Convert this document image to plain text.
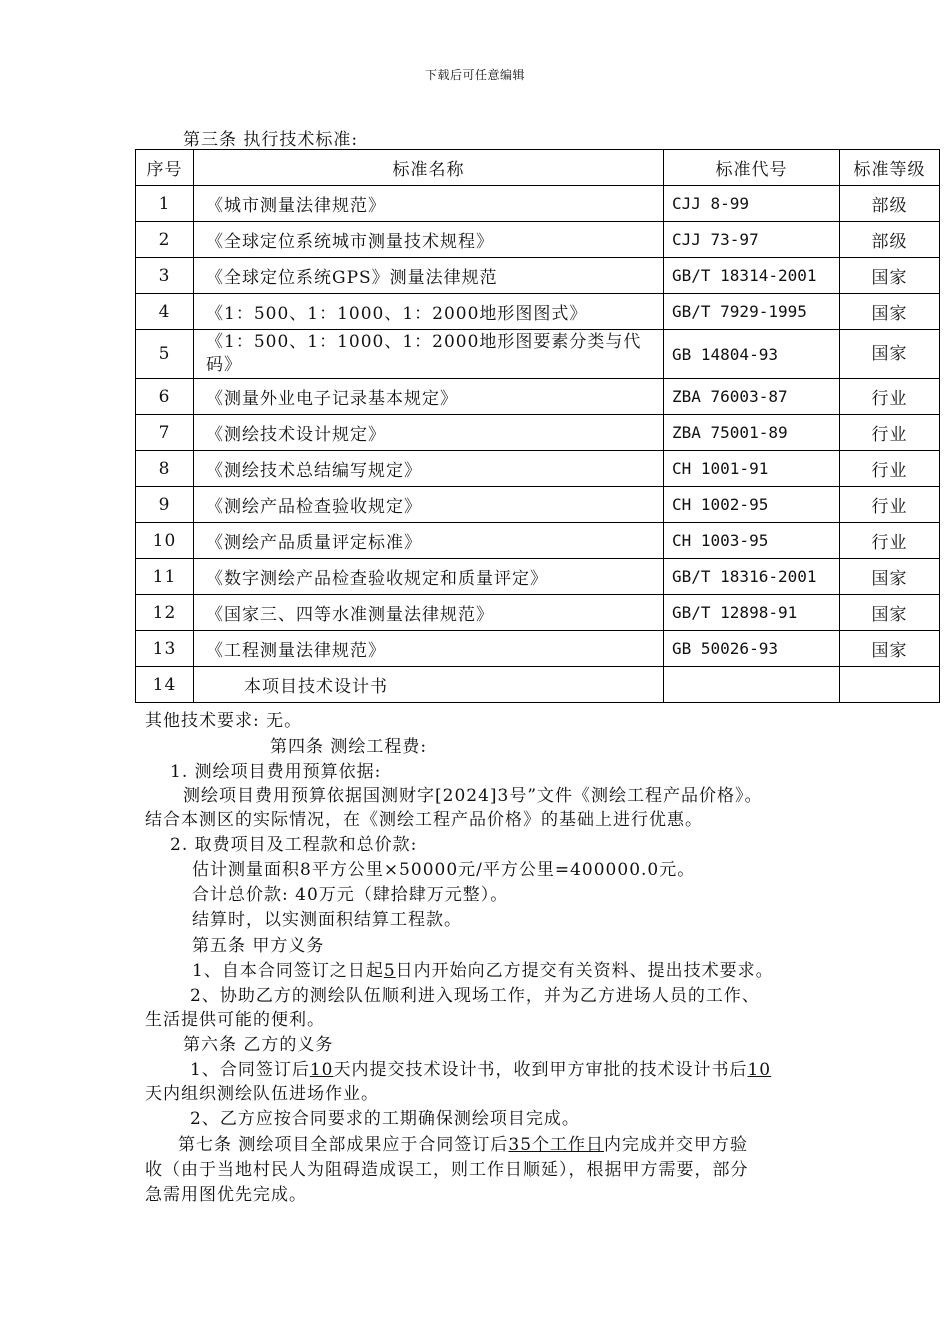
下载后可任意编辑
第三条 执行技术标准:
序号	标准名称	标准代号	标准等级
1	《城市测量法律规范》	CJJ 8-99	部级
2	《全球定位系统城市测量技术规程》	CJJ 73-97	部级
3	《全球定位系统GPS》测量法律规范	GB/T 18314-2001	国家
4	《1：500、1：1000、1：2000地形图图式》	GB/T 7929-1995	国家
5	《1：500、1：1000、1：2000地形图要素分类与代码》	GB 14804-93	国家
6	《测量外业电子记录基本规定》	ZBA 76003-87	行业
7	《测绘技术设计规定》	ZBA 75001-89	行业
8	《测绘技术总结编写规定》	CH 1001-91	行业
9	《测绘产品检查验收规定》	CH 1002-95	行业
10	《测绘产品质量评定标准》	CH 1003-95	行业
11	《数字测绘产品检查验收规定和质量评定》	GB/T 18316-2001	国家
12	《国家三、四等水准测量法律规范》	GB/T 12898-91	国家
13	《工程测量法律规范》	GB 50026-93	国家
14	本项目技术设计书		
其他技术要求: 无。
第四条 测绘工程费:
1. 测绘项目费用预算依据:
测绘项目费用预算依据国测财字[2024]3号”文件《测绘工程产品价格》。
结合本测区的实际情况，在《测绘工程产品价格》的基础上进行优惠。
2. 取费项目及工程款和总价款:
估计测量面积8平方公里×50000元/平方公里=400000.0元。
合计总价款: 40万元（肆拾肆万元整）。
结算时，以实测面积结算工程款。
第五条 甲方义务
1、自本合同签订之日起5日内开始向乙方提交有关资料、提出技术要求。
2、协助乙方的测绘队伍顺利进入现场工作，并为乙方进场人员的工作、
生活提供可能的便利。
第六条 乙方的义务
1、合同签订后10天内提交技术设计书，收到甲方审批的技术设计书后10
天内组织测绘队伍进场作业。
2、乙方应按合同要求的工期确保测绘项目完成。
第七条 测绘项目全部成果应于合同签订后35个工作日内完成并交甲方验
收（由于当地村民人为阻碍造成误工，则工作日顺延），根据甲方需要，部分
急需用图优先完成。
